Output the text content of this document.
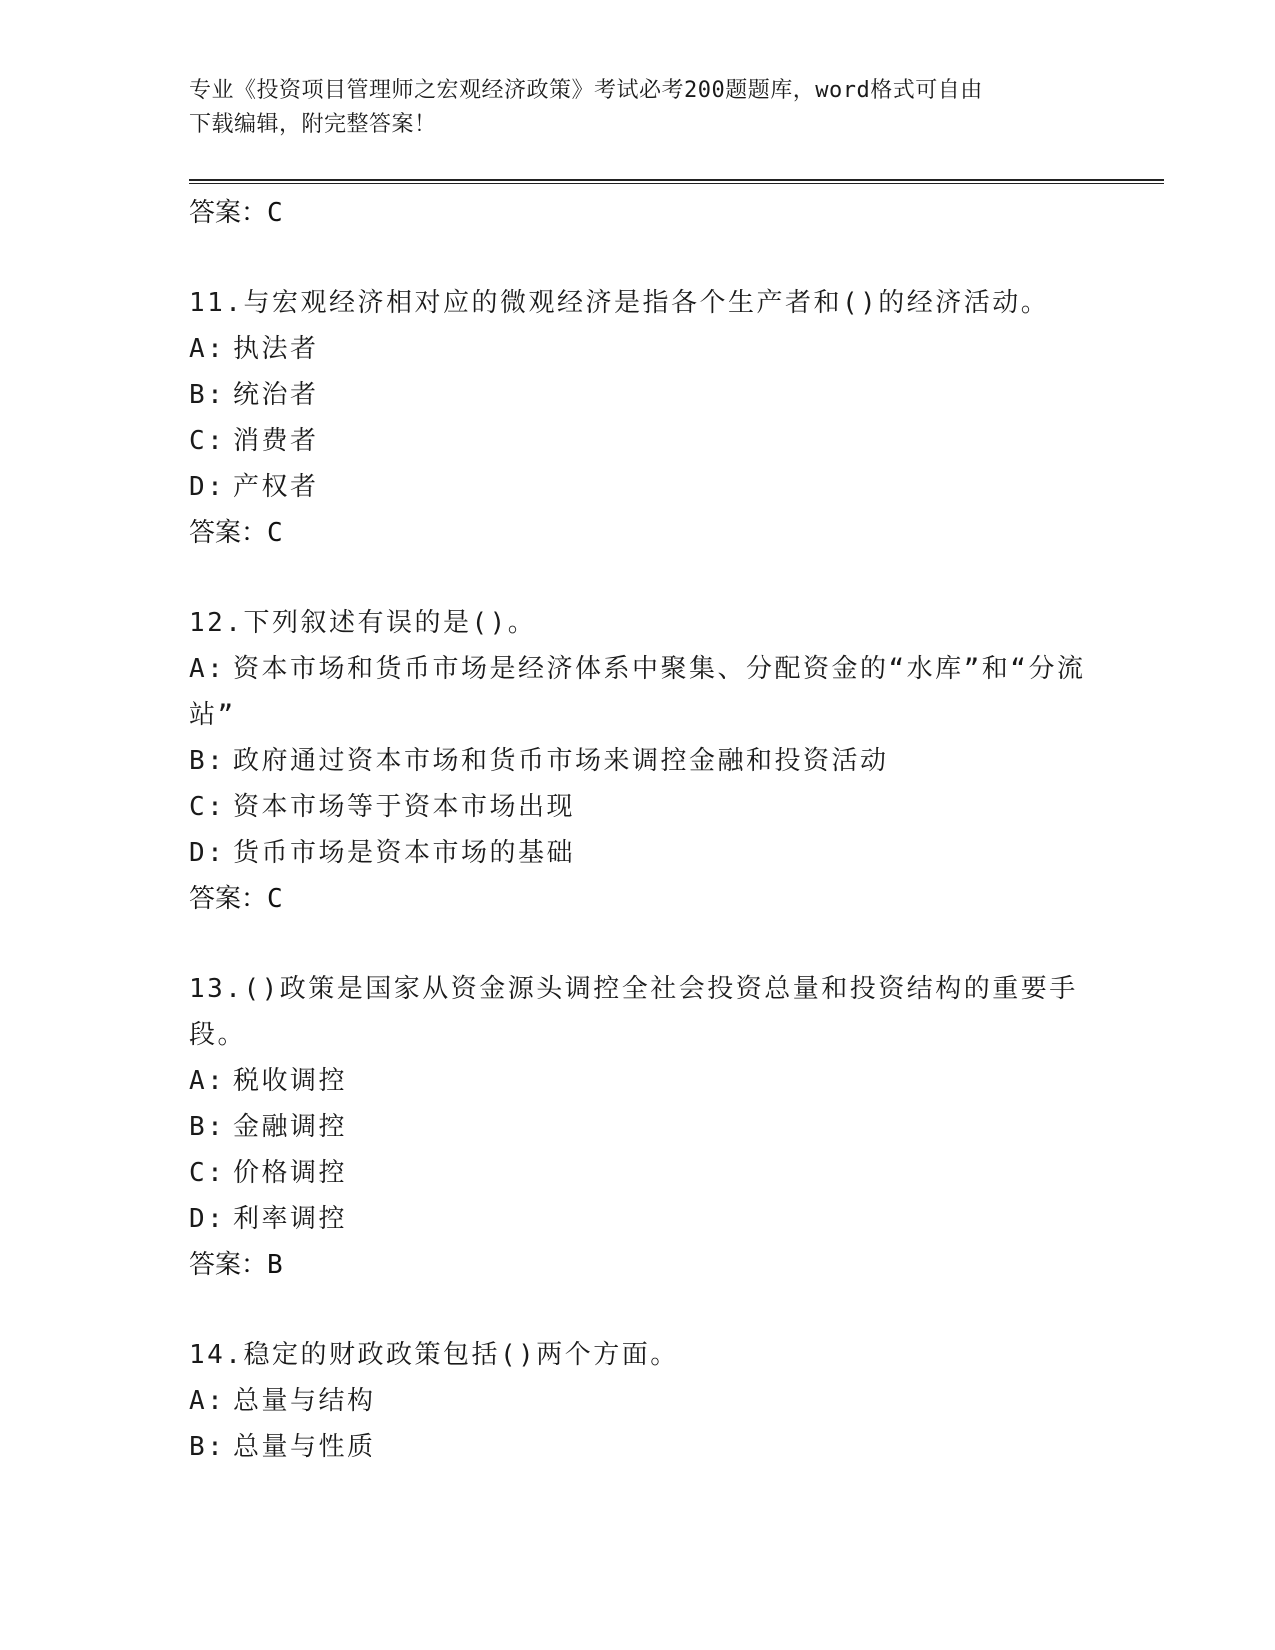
专业《投资项目管理师之宏观经济政策》考试必考200题题库，word格式可自由
下载编辑，附完整答案！
答案：C
11.与宏观经济相对应的微观经济是指各个生产者和()的经济活动。
A: 执法者
B: 统治者
C: 消费者
D: 产权者
答案：C
12.下列叙述有误的是()。
A: 资本市场和货币市场是经济体系中聚集、分配资金的“水库”和“分流站”
B: 政府通过资本市场和货币市场来调控金融和投资活动
C: 资本市场等于资本市场出现
D: 货币市场是资本市场的基础
答案：C
13.()政策是国家从资金源头调控全社会投资总量和投资结构的重要手段。
A: 税收调控
B: 金融调控
C: 价格调控
D: 利率调控
答案：B
14.稳定的财政政策包括()两个方面。
A: 总量与结构
B: 总量与性质
